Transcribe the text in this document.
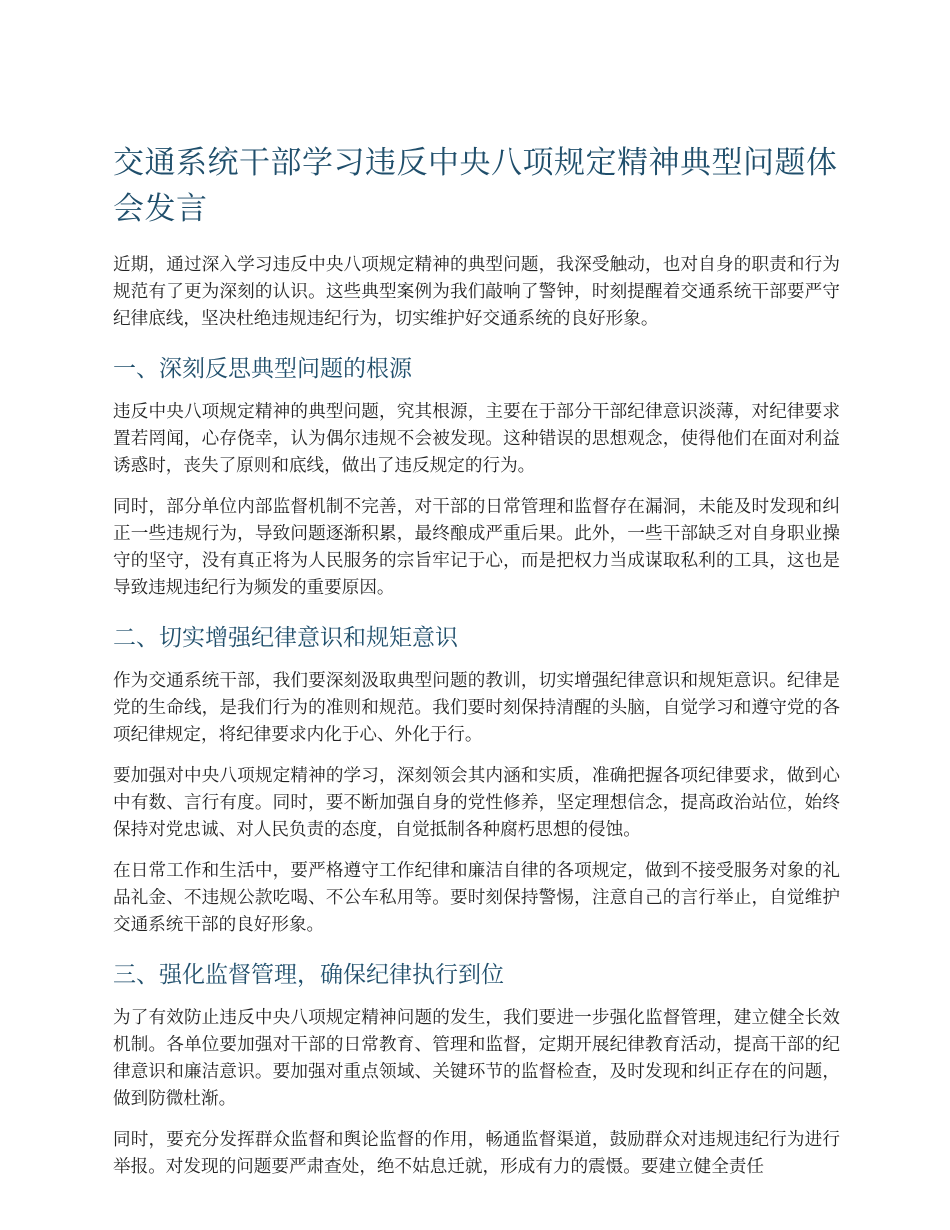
交通系统干部学习违反中央八项规定精神典型问题体会发言

近期，通过深入学习违反中央八项规定精神的典型问题，我深受触动，也对自身的职责和行为规范有了更为深刻的认识。这些典型案例为我们敲响了警钟，时刻提醒着交通系统干部要严守纪律底线，坚决杜绝违规违纪行为，切实维护好交通系统的良好形象。

一、深刻反思典型问题的根源

违反中央八项规定精神的典型问题，究其根源，主要在于部分干部纪律意识淡薄，对纪律要求置若罔闻，心存侥幸，认为偶尔违规不会被发现。这种错误的思想观念，使得他们在面对利益诱惑时，丧失了原则和底线，做出了违反规定的行为。

同时，部分单位内部监督机制不完善，对干部的日常管理和监督存在漏洞，未能及时发现和纠正一些违规行为，导致问题逐渐积累，最终酿成严重后果。此外，一些干部缺乏对自身职业操守的坚守，没有真正将为人民服务的宗旨牢记于心，而是把权力当成谋取私利的工具，这也是导致违规违纪行为频发的重要原因。

二、切实增强纪律意识和规矩意识

作为交通系统干部，我们要深刻汲取典型问题的教训，切实增强纪律意识和规矩意识。纪律是党的生命线，是我们行为的准则和规范。我们要时刻保持清醒的头脑，自觉学习和遵守党的各项纪律规定，将纪律要求内化于心、外化于行。

要加强对中央八项规定精神的学习，深刻领会其内涵和实质，准确把握各项纪律要求，做到心中有数、言行有度。同时，要不断加强自身的党性修养，坚定理想信念，提高政治站位，始终保持对党忠诚、对人民负责的态度，自觉抵制各种腐朽思想的侵蚀。

在日常工作和生活中，要严格遵守工作纪律和廉洁自律的各项规定，做到不接受服务对象的礼品礼金、不违规公款吃喝、不公车私用等。要时刻保持警惕，注意自己的言行举止，自觉维护交通系统干部的良好形象。

三、强化监督管理，确保纪律执行到位

为了有效防止违反中央八项规定精神问题的发生，我们要进一步强化监督管理，建立健全长效机制。各单位要加强对干部的日常教育、管理和监督，定期开展纪律教育活动，提高干部的纪律意识和廉洁意识。要加强对重点领域、关键环节的监督检查，及时发现和纠正存在的问题，做到防微杜渐。

同时，要充分发挥群众监督和舆论监督的作用，畅通监督渠道，鼓励群众对违规违纪行为进行举报。对发现的问题要严肃查处，绝不姑息迁就，形成有力的震慑。要建立健全责任
